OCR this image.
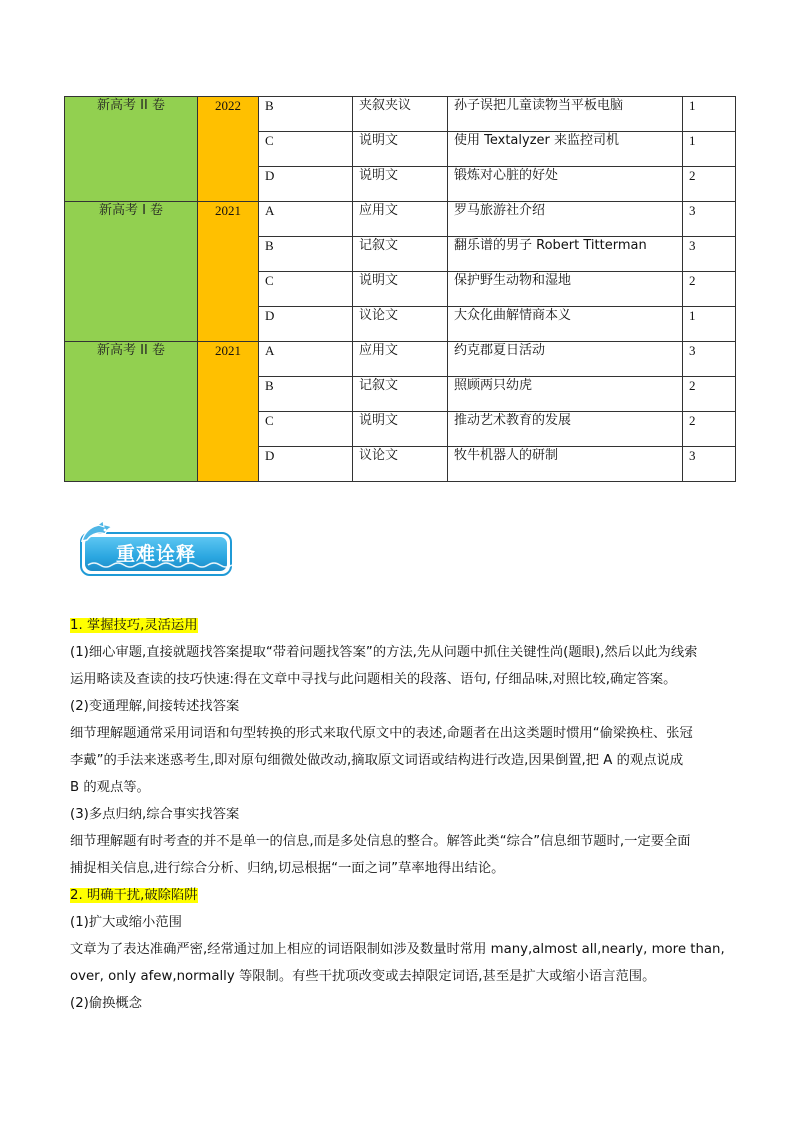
新高考 II 卷	2022	B	夹叙夹议	孙子误把儿童读物当平板电脑	1
		C	说明文	使用 Textalyzer 来监控司机	1
		D	说明文	锻炼对心脏的好处	2
新高考 I 卷	2021	A	应用文	罗马旅游社介绍	3
		B	记叙文	翻乐谱的男子 Robert Titterman	3
		C	说明文	保护野生动物和湿地	2
		D	议论文	大众化曲解情商本义	1
新高考 II 卷	2021	A	应用文	约克郡夏日活动	3
		B	记叙文	照顾两只幼虎	2
		C	说明文	推动艺术教育的发展	2
		D	议论文	牧牛机器人的研制	3
重难诠释
1. 掌握技巧,灵活运用
(1)细心审题,直接就题找答案提取“带着问题找答案”的方法,先从问题中抓住关键性尚(题眼),然后以此为线索
运用略读及查读的技巧快速:得在文章中寻找与此问题相关的段落、语句, 仔细品味,对照比较,确定答案。
(2)变通理解,间接转述找答案
细节理解题通常采用词语和句型转换的形式来取代原文中的表述,命题者在出这类题时惯用“偷梁换柱、张冠
李戴”的手法来迷惑考生,即对原句细微处做改动,摘取原文词语或结构进行改造,因果倒置,把 A 的观点说成
B 的观点等。
(3)多点归纳,综合事实找答案
细节理解题有时考查的并不是单一的信息,而是多处信息的整合。解答此类“综合”信息细节题时,一定要全面
捕捉相关信息,进行综合分析、归纳,切忌根据“一面之词”草率地得出结论。
2. 明确干扰,破除陷阱
(1)扩大或缩小范围
文章为了表达准确严密,经常通过加上相应的词语限制如涉及数量时常用 many,almost all,nearly, more than,
over, only afew,normally 等限制。有些干扰项改变或去掉限定词语,甚至是扩大或缩小语言范围。
(2)偷换概念
